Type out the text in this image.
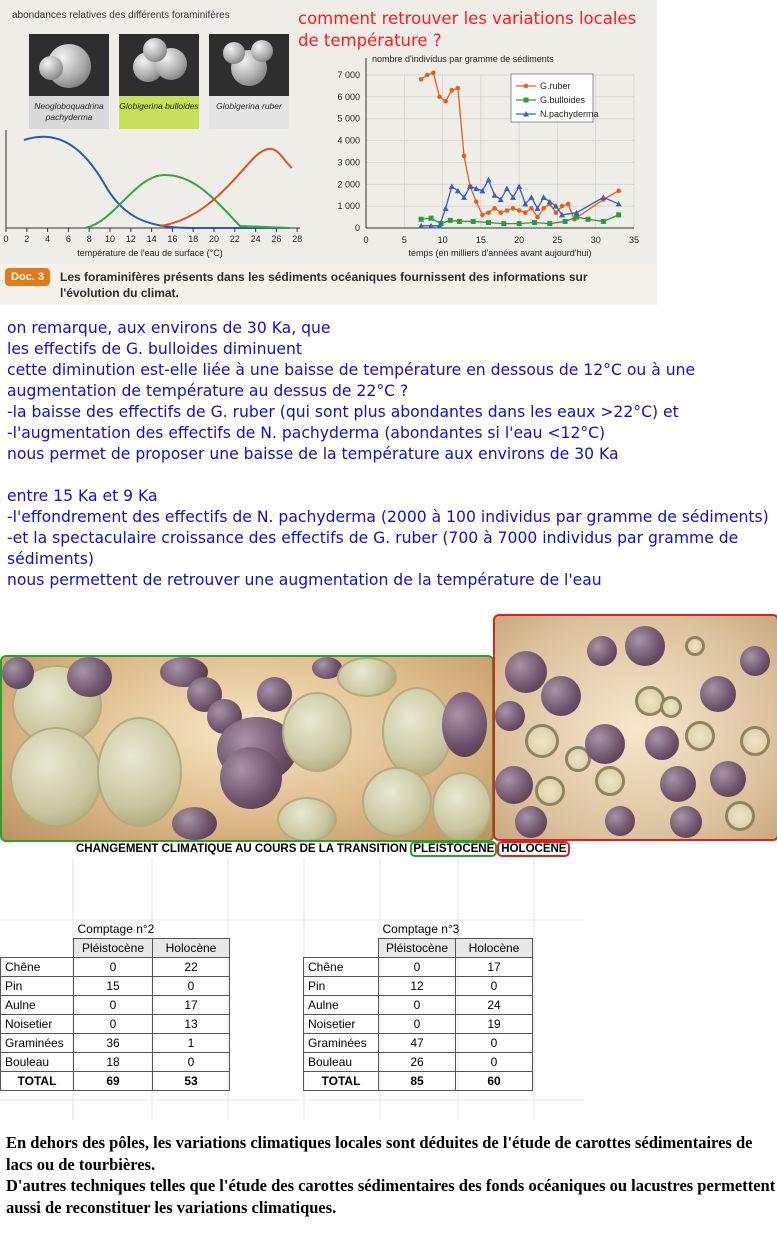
abondances relatives des différents foraminifères
Neogloboquadrina pachyderma
Globigerina bulloides	Globigerina ruber
comment retrouver les variations locales
de température ?
0 2 4 6 8 10 12 14 16 18 20 22 24 26 28
température de l'eau de surface (°C)
0
1 000
2 000
3 000
4 000
5 000
6 000
7 000
0	5	10	15	20	25	30	35
nombre d'individus par gramme de sédiments
temps (en milliers d'années avant aujourd'hui)
G.ruber
G.bulloides
N.pachyderma
Doc. 3	Les foraminifères présents dans les sédiments océaniques fournissent des informations sur l'évolution du climat.

on remarque, aux environs de 30 Ka, que

les effectifs de G. bulloides diminuent

cette diminution est-elle liée à une baisse de température en dessous de 12°C ou à une augmentation de température au dessus de 22°C ?

-la baisse des effectifs de G. ruber (qui sont plus abondantes dans les eaux >22°C) et

-l'augmentation des effectifs de N. pachyderma (abondantes si l'eau <12°C)

nous permet de proposer une baisse de la température aux environs de 30 Ka

entre 15 Ka et 9 Ka

-l'effondrement des effectifs de N. pachyderma (2000 à 100 individus par gramme de sédiments)

-et la spectaculaire croissance des effectifs de G. ruber (700 à 7000 individus par gramme de sédiments)

nous permettent de retrouver une augmentation de la température de l'eau

CHANGEMENT CLIMATIQUE AU COURS DE LA TRANSITION PLEISTOCENE HOLOCENE
	Comptage n°2	
	Pléistocène	Holocène
Chêne	0	22
Pin	15	0
Aulne	0	17
Noisetier	0	13
Graminées	36	1
Bouleau	18	0
TOTAL	69	53
	Comptage n°3	
	Pléistocène	Holocène
Chêne	0	17
Pin	12	0
Aulne	0	24
Noisetier	0	19
Graminées	47	0
Bouleau	26	0
TOTAL	85	60

En dehors des pôles, les variations climatiques locales sont déduites de l'étude de carottes sédimentaires de lacs ou de tourbières.

D'autres techniques telles que l'étude des carottes sédimentaires des fonds océaniques ou lacustres permettent aussi de reconstituer les variations climatiques.
